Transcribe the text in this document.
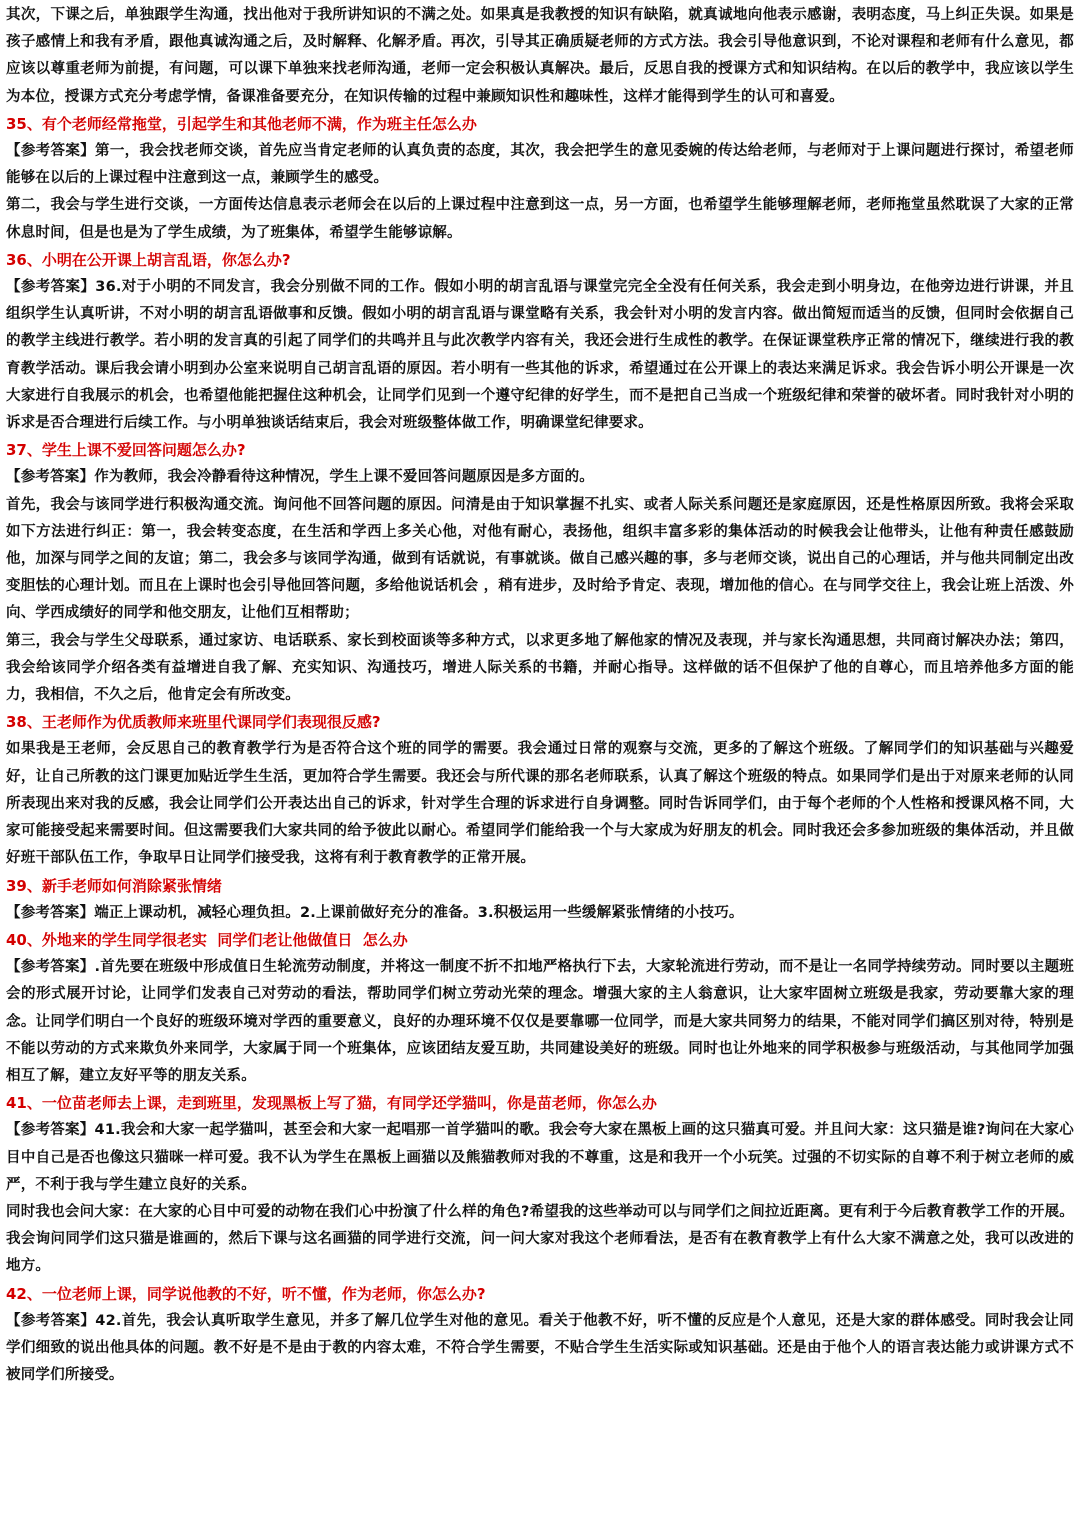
其次，下课之后，单独跟学生沟通，找出他对于我所讲知识的不满之处。如果真是我教授的知识有缺陷，就真诚地向他表示感谢，表明态度，马上纠正失误。如果是孩子感情上和我有矛盾，跟他真诚沟通之后，及时解释、化解矛盾。再次，引导其正确质疑老师的方式方法。我会引导他意识到，不论对课程和老师有什么意见，都应该以尊重老师为前提，有问题，可以课下单独来找老师沟通，老师一定会积极认真解决。最后，反思自我的授课方式和知识结构。在以后的教学中，我应该以学生为本位，授课方式充分考虑学情，备课准备要充分，在知识传输的过程中兼顾知识性和趣味性，这样才能得到学生的认可和喜爱。

35、有个老师经常拖堂，引起学生和其他老师不满，作为班主任怎么办

【参考答案】第一，我会找老师交谈，首先应当肯定老师的认真负责的态度，其次，我会把学生的意见委婉的传达给老师，与老师对于上课问题进行探讨，希望老师能够在以后的上课过程中注意到这一点，兼顾学生的感受。

第二，我会与学生进行交谈，一方面传达信息表示老师会在以后的上课过程中注意到这一点，另一方面，也希望学生能够理解老师，老师拖堂虽然耽误了大家的正常休息时间，但是也是为了学生成绩，为了班集体，希望学生能够谅解。

36、小明在公开课上胡言乱语，你怎么办?

【参考答案】36.对于小明的不同发言，我会分别做不同的工作。假如小明的胡言乱语与课堂完完全全没有任何关系，我会走到小明身边，在他旁边进行讲课，并且组织学生认真听讲，不对小明的胡言乱语做事和反馈。假如小明的胡言乱语与课堂略有关系，我会针对小明的发言内容。做出简短而适当的反馈，但同时会依据自己的教学主线进行教学。若小明的发言真的引起了同学们的共鸣并且与此次教学内容有关，我还会进行生成性的教学。在保证课堂秩序正常的情况下，继续进行我的教育教学活动。课后我会请小明到办公室来说明自己胡言乱语的原因。若小明有一些其他的诉求，希望通过在公开课上的表达来满足诉求。我会告诉小明公开课是一次大家进行自我展示的机会，也希望他能把握住这种机会，让同学们见到一个遵守纪律的好学生，而不是把自己当成一个班级纪律和荣誉的破坏者。同时我针对小明的诉求是否合理进行后续工作。与小明单独谈话结束后，我会对班级整体做工作，明确课堂纪律要求。

37、学生上课不爱回答问题怎么办?

【参考答案】作为教师，我会冷静看待这种情况，学生上课不爱回答问题原因是多方面的。

首先，我会与该同学进行积极沟通交流。询问他不回答问题的原因。问清是由于知识掌握不扎实、或者人际关系问题还是家庭原因，还是性格原因所致。我将会采取如下方法进行纠正：第一，我会转变态度，在生活和学西上多关心他，对他有耐心，表扬他，组织丰富多彩的集体活动的时候我会让他带头，让他有种责任感鼓励他，加深与同学之间的友谊；第二，我会多与该同学沟通，做到有话就说，有事就谈。做自己感兴趣的事，多与老师交谈，说出自己的心理话，并与他共同制定出改变胆怯的心理计划。而且在上课时也会引导他回答问题，多给他说话机会 ，稍有进步，及时给予肯定、表现，增加他的信心。在与同学交往上，我会让班上活泼、外向、学西成绩好的同学和他交朋友，让他们互相帮助；

第三，我会与学生父母联系，通过家访、电话联系、家长到校面谈等多种方式，以求更多地了解他家的情况及表现，并与家长沟通思想，共同商讨解决办法；第四，我会给该同学介绍各类有益增进自我了解、充实知识、沟通技巧，增进人际关系的书籍，并耐心指导。这样做的话不但保护了他的自尊心，而且培养他多方面的能力，我相信，不久之后，他肯定会有所改变。

38、王老师作为优质教师来班里代课同学们表现很反感?

如果我是王老师，会反思自己的教育教学行为是否符合这个班的同学的需要。我会通过日常的观察与交流，更多的了解这个班级。了解同学们的知识基础与兴趣爱好，让自己所教的这门课更加贴近学生生活，更加符合学生需要。我还会与所代课的那名老师联系，认真了解这个班级的特点。如果同学们是出于对原来老师的认同所表现出来对我的反感，我会让同学们公开表达出自己的诉求，针对学生合理的诉求进行自身调整。同时告诉同学们，由于每个老师的个人性格和授课风格不同，大家可能接受起来需要时间。但这需要我们大家共同的给予彼此以耐心。希望同学们能给我一个与大家成为好朋友的机会。同时我还会多参加班级的集体活动，并且做好班干部队伍工作，争取早日让同学们接受我，这将有利于教育教学的正常开展。

39、新手老师如何消除紧张情绪

【参考答案】端正上课动机，减轻心理负担。2.上课前做好充分的准备。3.积极运用一些缓解紧张情绪的小技巧。

40、外地来的学生同学很老实  同学们老让他做值日  怎么办

【参考答案】.首先要在班级中形成值日生轮流劳动制度，并将这一制度不折不扣地严格执行下去，大家轮流进行劳动，而不是让一名同学持续劳动。同时要以主题班会的形式展开讨论，让同学们发表自己对劳动的看法，帮助同学们树立劳动光荣的理念。增强大家的主人翁意识，让大家牢固树立班级是我家，劳动要靠大家的理念。让同学们明白一个良好的班级环境对学西的重要意义，良好的办理环境不仅仅是要靠哪一位同学，而是大家共同努力的结果，不能对同学们搞区别对待，特别是不能以劳动的方式来欺负外来同学，大家属于同一个班集体，应该团结友爱互助，共同建设美好的班级。同时也让外地来的同学积极参与班级活动，与其他同学加强相互了解，建立友好平等的朋友关系。

41、一位苗老师去上课，走到班里，发现黑板上写了猫，有同学还学猫叫，你是苗老师，你怎么办

【参考答案】41.我会和大家一起学猫叫，甚至会和大家一起唱那一首学猫叫的歌。我会夸大家在黑板上画的这只猫真可爱。并且问大家：这只猫是谁?询问在大家心目中自己是否也像这只猫咪一样可爱。我不认为学生在黑板上画猫以及熊猫教师对我的不尊重，这是和我开一个小玩笑。过强的不切实际的自尊不利于树立老师的威严，不利于我与学生建立良好的关系。

同时我也会问大家：在大家的心目中可爱的动物在我们心中扮演了什么样的角色?希望我的这些举动可以与同学们之间拉近距离。更有利于今后教育教学工作的开展。我会询问同学们这只猫是谁画的，然后下课与这名画猫的同学进行交流，问一问大家对我这个老师看法，是否有在教育教学上有什么大家不满意之处，我可以改进的地方。

42、一位老师上课，同学说他教的不好，听不懂，作为老师，你怎么办?

【参考答案】42.首先，我会认真听取学生意见，并多了解几位学生对他的意见。看关于他教不好，听不懂的反应是个人意见，还是大家的群体感受。同时我会让同学们细致的说出他具体的问题。教不好是不是由于教的内容太难，不符合学生需要，不贴合学生生活实际或知识基础。还是由于他个人的语言表达能力或讲课方式不被同学们所接受。
